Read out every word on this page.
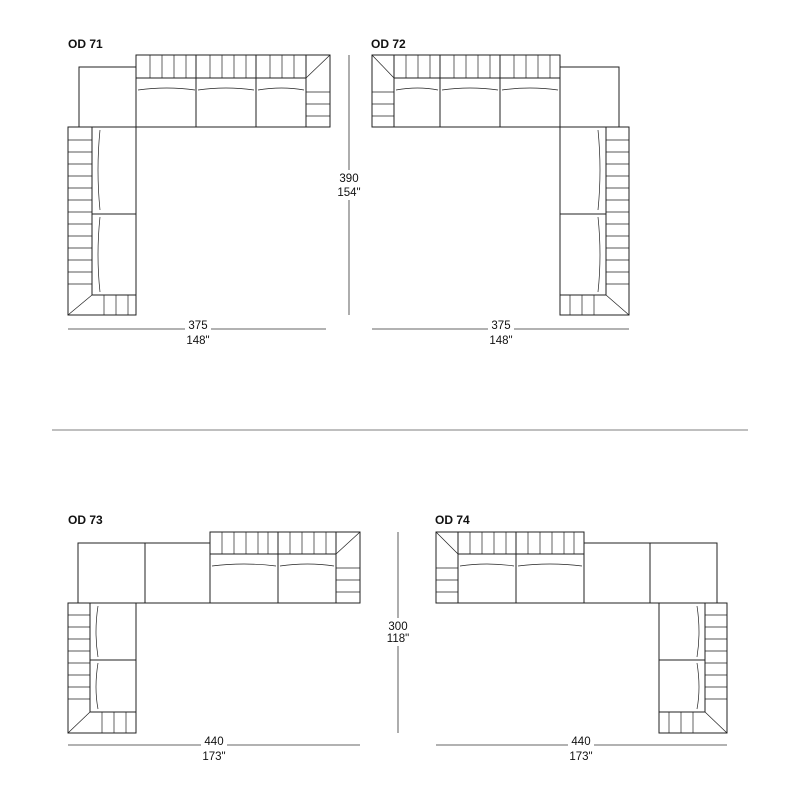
OD 71
375
148"
OD 72
375
148"
390
154"
OD 73
440
173"
300
118"
OD 74
440
173"
